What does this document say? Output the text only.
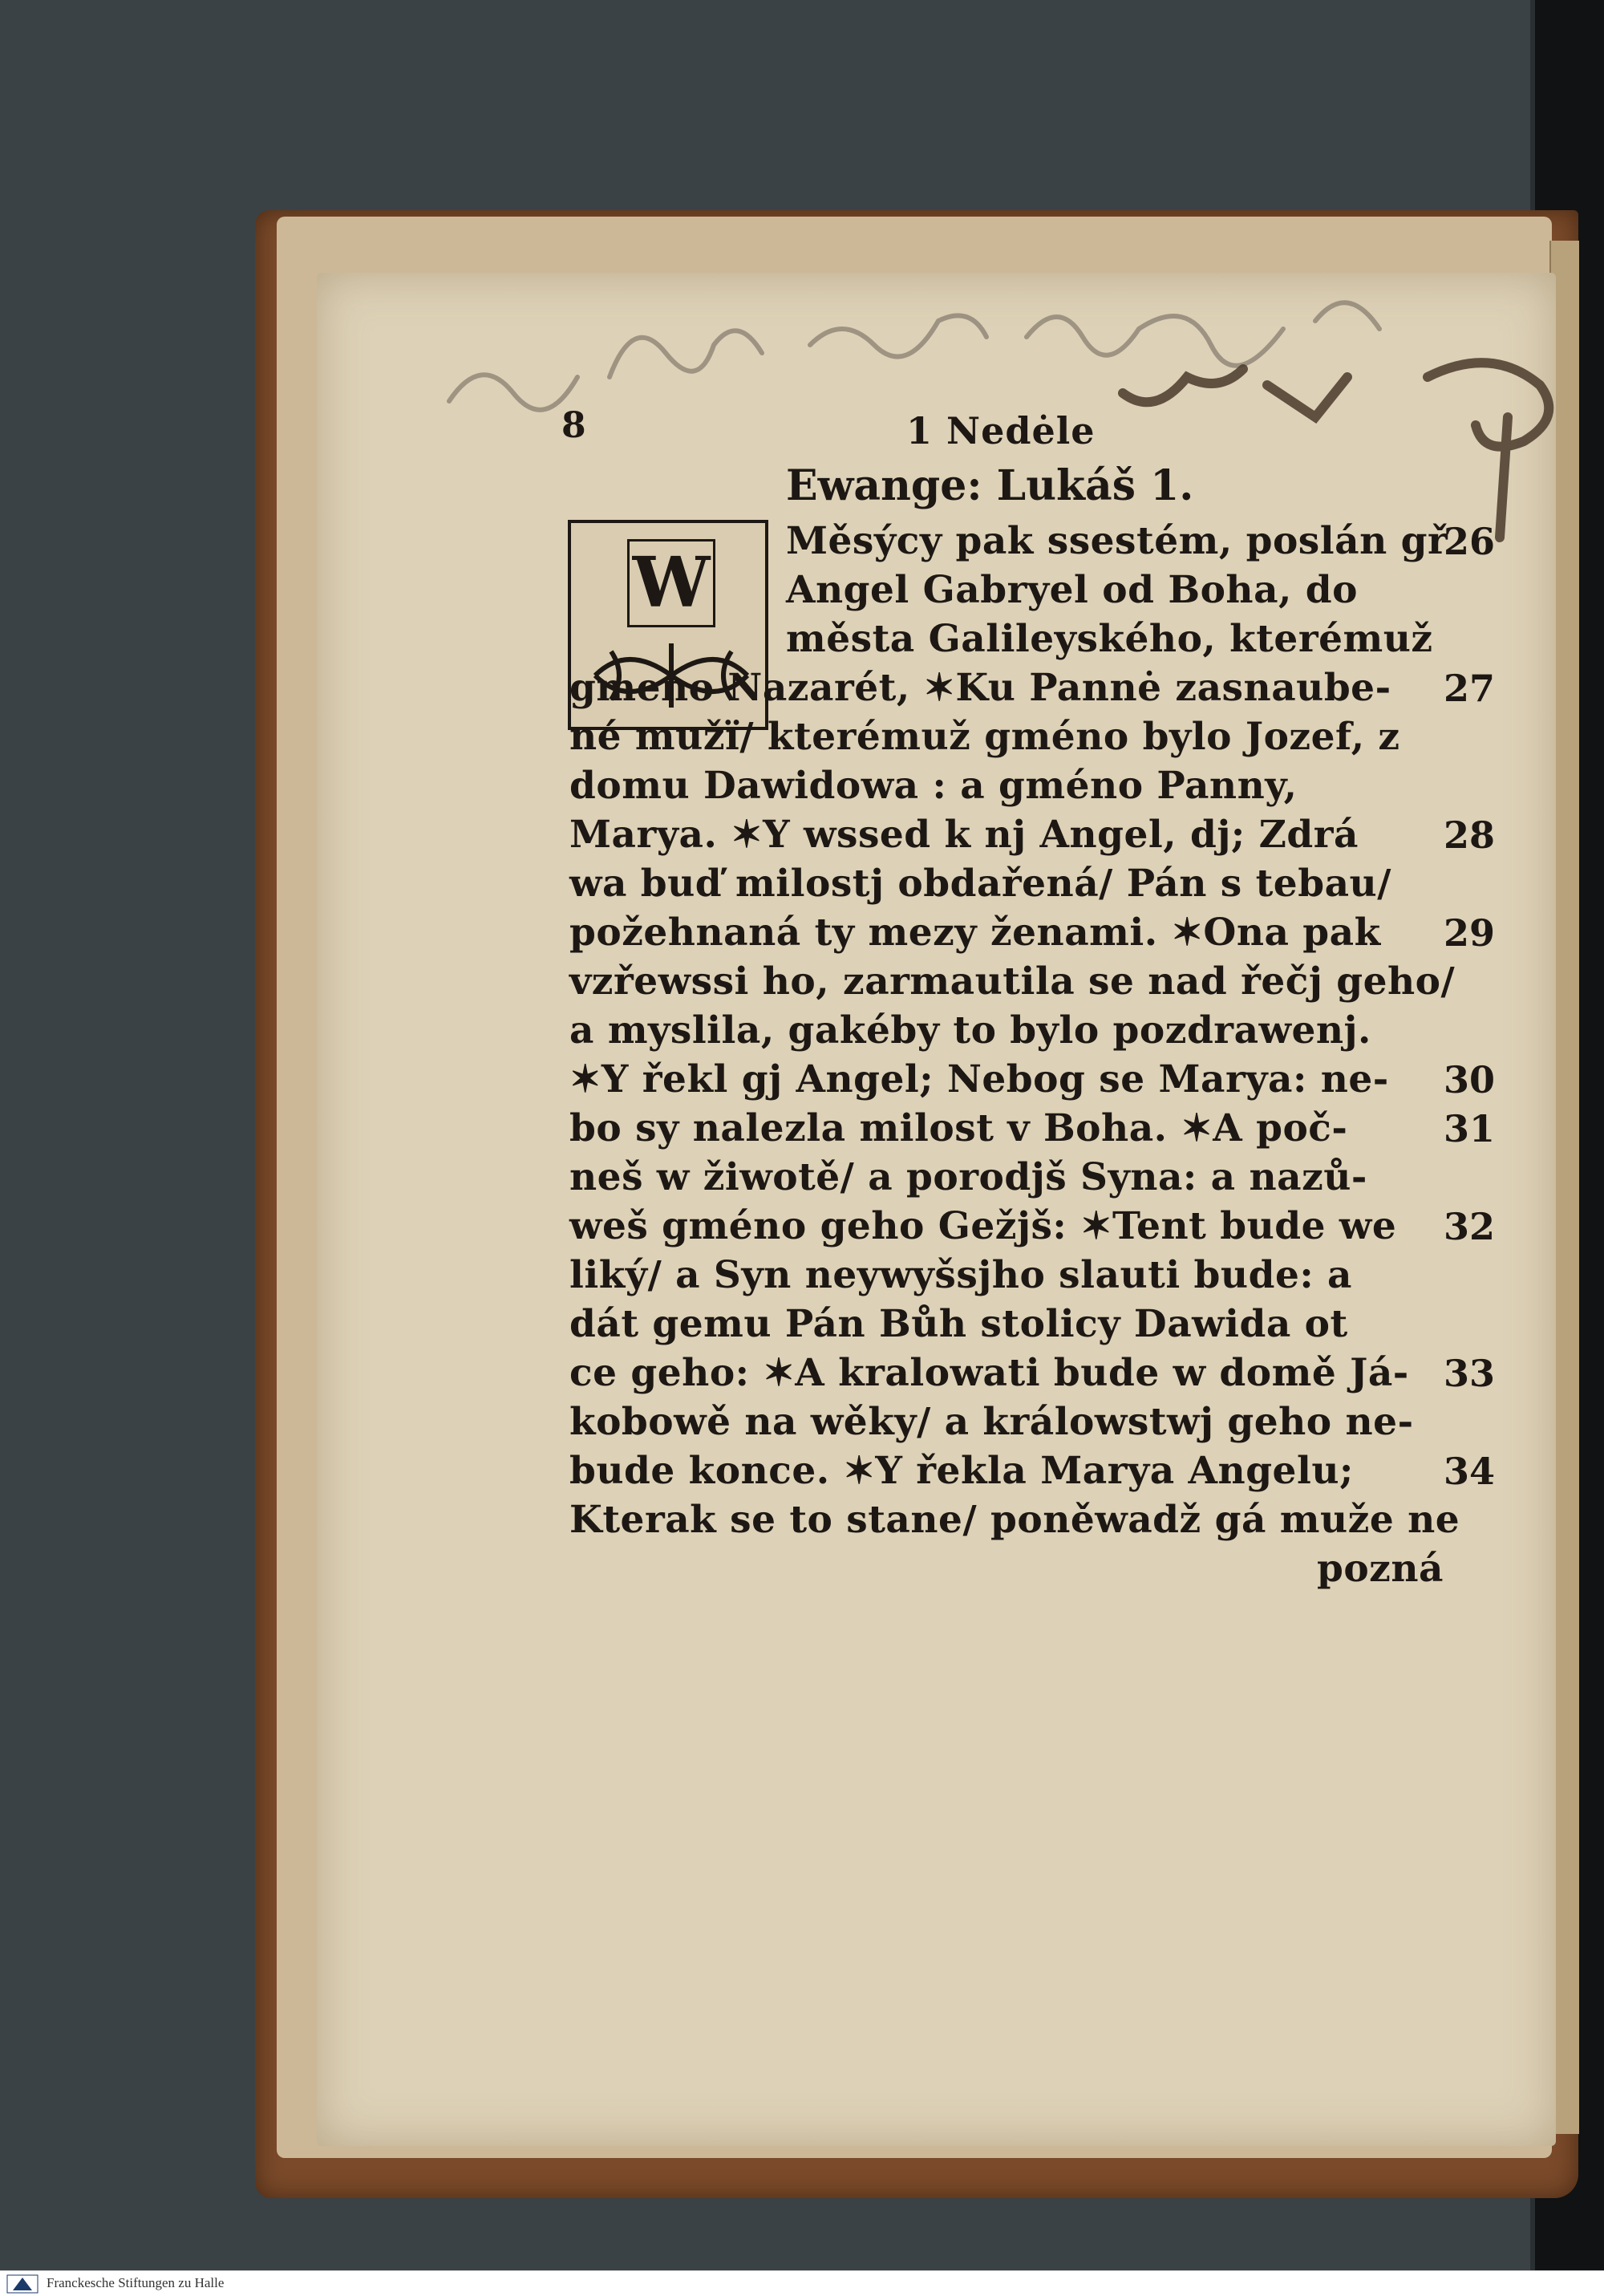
8	1 Nedėle
Ewange: Lukáš 1.
W
Měsýcy pak ssestém, poslán gř
26
Angel Gabryel od Boha, do
města Galileyského, kterémuž
gmeno Nazarét, ✶Ku Pannė zasnaube-	27
né mužï/ kterémuž gméno bylo Jozef, z
domu Dawidowa : a gméno Panny,
Marya. ✶Y wssed k nj Angel, dj; Zdrá	28
wa buď milostj obdařená/ Pán s tebau/
požehnaná ty mezy ženami. ✶Ona pak	29
vzřewssi ho, zarmautila se nad řečj geho/
a myslila, gakéby to bylo pozdrawenj.
✶Y řekl gj Angel; Nebog se Marya: ne-	30
bo sy nalezla milost v Boha. ✶A poč-	31
neš w žiwotě/ a porodjš Syna: a nazů-
weš gméno geho Gežjš: ✶Tent bude we	32
liký/ a Syn neywyšsjho slauti bude: a
dát gemu Pán Bůh stolicy Dawida ot
ce geho: ✶A kralowati bude w domě Já- 33
kobowě na wěky/ a králowstwj geho ne-
bude konce. ✶Y řekla Marya Angelu;	34
Kterak se to stane/ poněwadž gá muže ne
pozná
Franckesche Stiftungen zu Halle
